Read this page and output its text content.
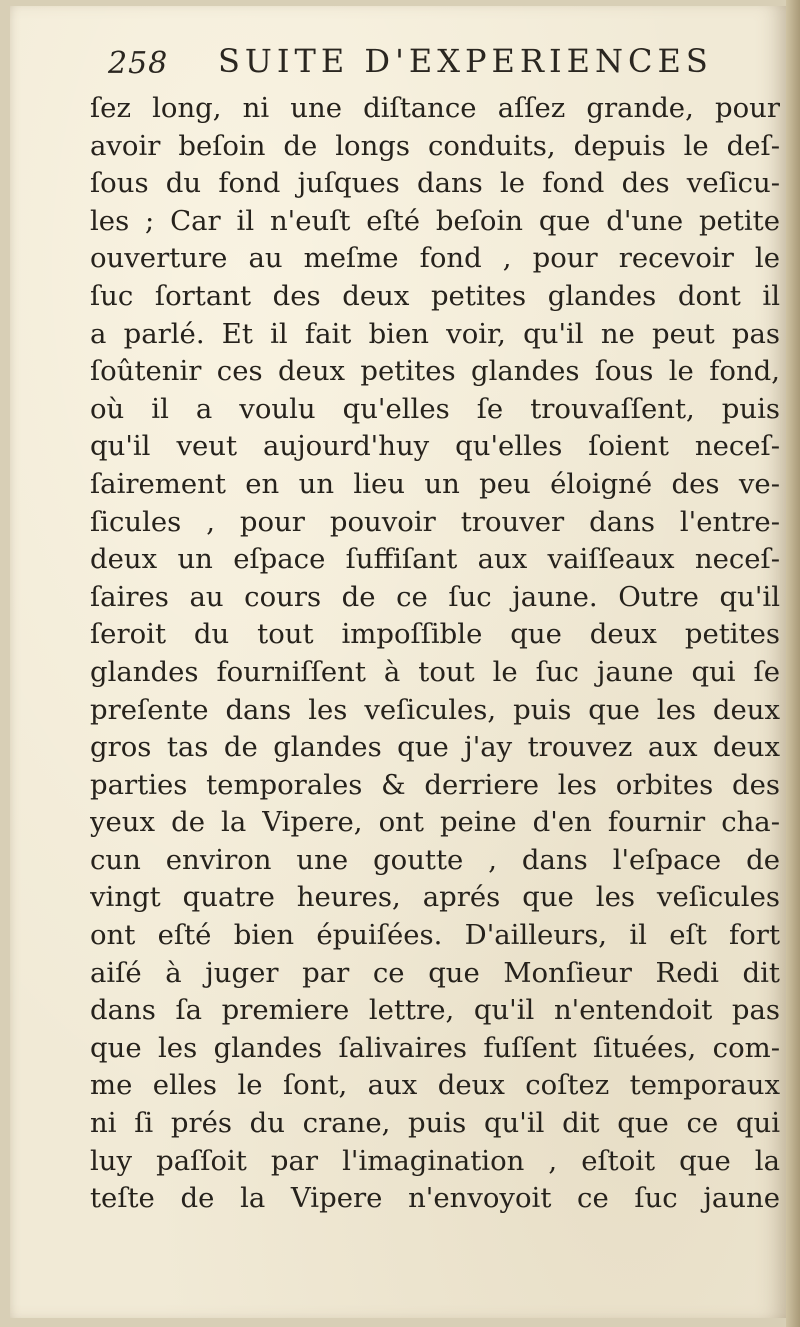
258 SUITE D'EXPERIENCES
ſez long, ni une diſtance aſſez grande, pour
avoir beſoin de longs conduits, depuis le deſ-
ſous du fond juſques dans le fond des veſicu-
les ; Car il n'euſt eſté beſoin que d'une petite
ouverture au meſme fond , pour recevoir le
ſuc ſortant des deux petites glandes dont il
a parlé. Et il fait bien voir, qu'il ne peut pas
ſoûtenir ces deux petites glandes ſous le fond,
où il a voulu qu'elles ſe trouvaſſent, puis
qu'il veut aujourd'huy qu'elles ſoient neceſ-
ſairement en un lieu un peu éloigné des ve-
ſicules , pour pouvoir trouver dans l'entre-
deux un eſpace ſuffiſant aux vaiſſeaux neceſ-
ſaires au cours de ce ſuc jaune. Outre qu'il
ſeroit du tout impoſſible que deux petites
glandes fourniſſent à tout le ſuc jaune qui ſe
preſente dans les veſicules, puis que les deux
gros tas de glandes que j'ay trouvez aux deux
parties temporales & derriere les orbites des
yeux de la Vipere, ont peine d'en fournir cha-
cun environ une goutte , dans l'eſpace de
vingt quatre heures, aprés que les veſicules
ont eſté bien épuiſées. D'ailleurs, il eſt fort
aiſé à juger par ce que Monſieur Redi dit
dans ſa premiere lettre, qu'il n'entendoit pas
que les glandes ſalivaires fuſſent ſituées, com-
me elles le ſont, aux deux coſtez temporaux
ni ſi prés du crane, puis qu'il dit que ce qui
luy paſſoit par l'imagination , eſtoit que la
teſte de la Vipere n'envoyoit ce ſuc jaune
